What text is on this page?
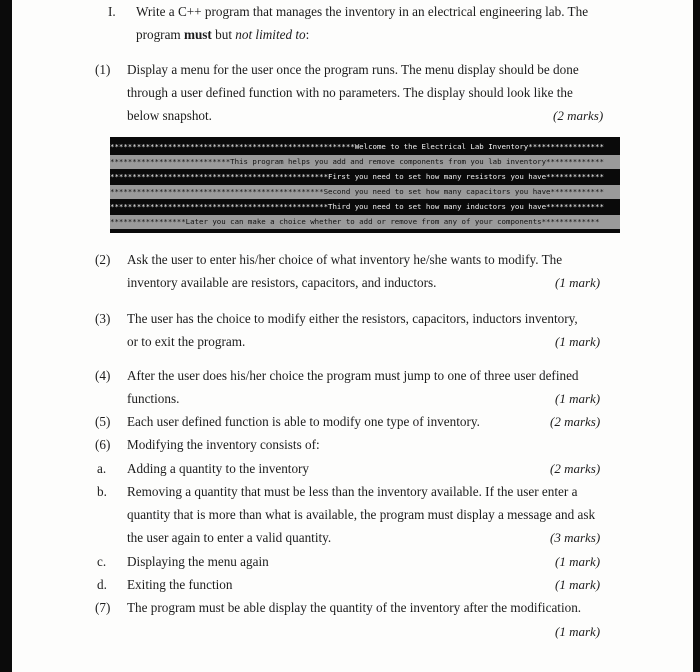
I. Write a C++ program that manages the inventory in an electrical engineering lab. The
program must but not limited to:
(1) Display a menu for the user once the program runs. The menu display should be done
through a user defined function with no parameters. The display should look like the
below snapshot.	(2 marks)
*******************************************************Welcome to the Electrical Lab Inventory*****************
***************************This program helps you add and remove components from you lab inventory*************
*************************************************First you need to set how many resistors you have*************
************************************************Second you need to set how many capacitors you have************
*************************************************Third you need to set how many inductors you have*************
*****************Later you can make a choice whether to add or remove from any of your components*************
(2) Ask the user to enter his/her choice of what inventory he/she wants to modify. The
inventory available are resistors, capacitors, and inductors.	(1 mark)
(3) The user has the choice to modify either the resistors, capacitors, inductors inventory,
or to exit the program.	(1 mark)
(4) After the user does his/her choice the program must jump to one of three user defined
functions.	(1 mark)
(5) Each user defined function is able to modify one type of inventory.	(2 marks)
(6) Modifying the inventory consists of:
a. Adding a quantity to the inventory	(2 marks)
b. Removing a quantity that must be less than the inventory available. If the user enter a
quantity that is more than what is available, the program must display a message and ask
the user again to enter a valid quantity.	(3 marks)
c. Displaying the menu again	(1 mark)
d. Exiting the function	(1 mark)
(7) The program must be able display the quantity of the inventory after the modification.
(1 mark)
